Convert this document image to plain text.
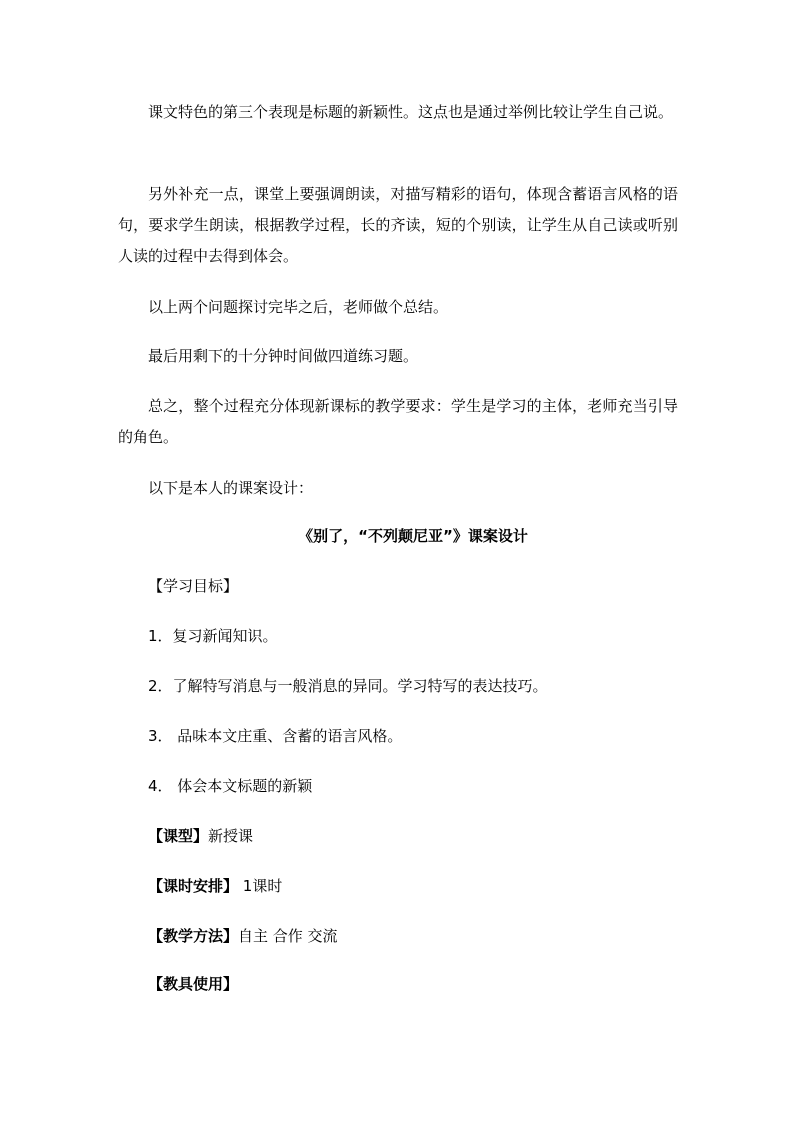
课文特色的第三个表现是标题的新颖性。这点也是通过举例比较让学生自己说。

另外补充一点，课堂上要强调朗读，对描写精彩的语句，体现含蓄语言风格的语句，要求学生朗读，根据教学过程，长的齐读，短的个别读，让学生从自己读或听别人读的过程中去得到体会。

以上两个问题探讨完毕之后，老师做个总结。

最后用剩下的十分钟时间做四道练习题。

总之，整个过程充分体现新课标的教学要求：学生是学习的主体，老师充当引导的角色。

以下是本人的课案设计：

《别了，“不列颠尼亚”》课案设计

【学习目标】

1．复习新闻知识。

2．了解特写消息与一般消息的异同。学习特写的表达技巧。

3． 品味本文庄重、含蓄的语言风格。

4． 体会本文标题的新颖

【课型】新授课

【课时安排】 1课时

【教学方法】自主 合作 交流

【教具使用】
